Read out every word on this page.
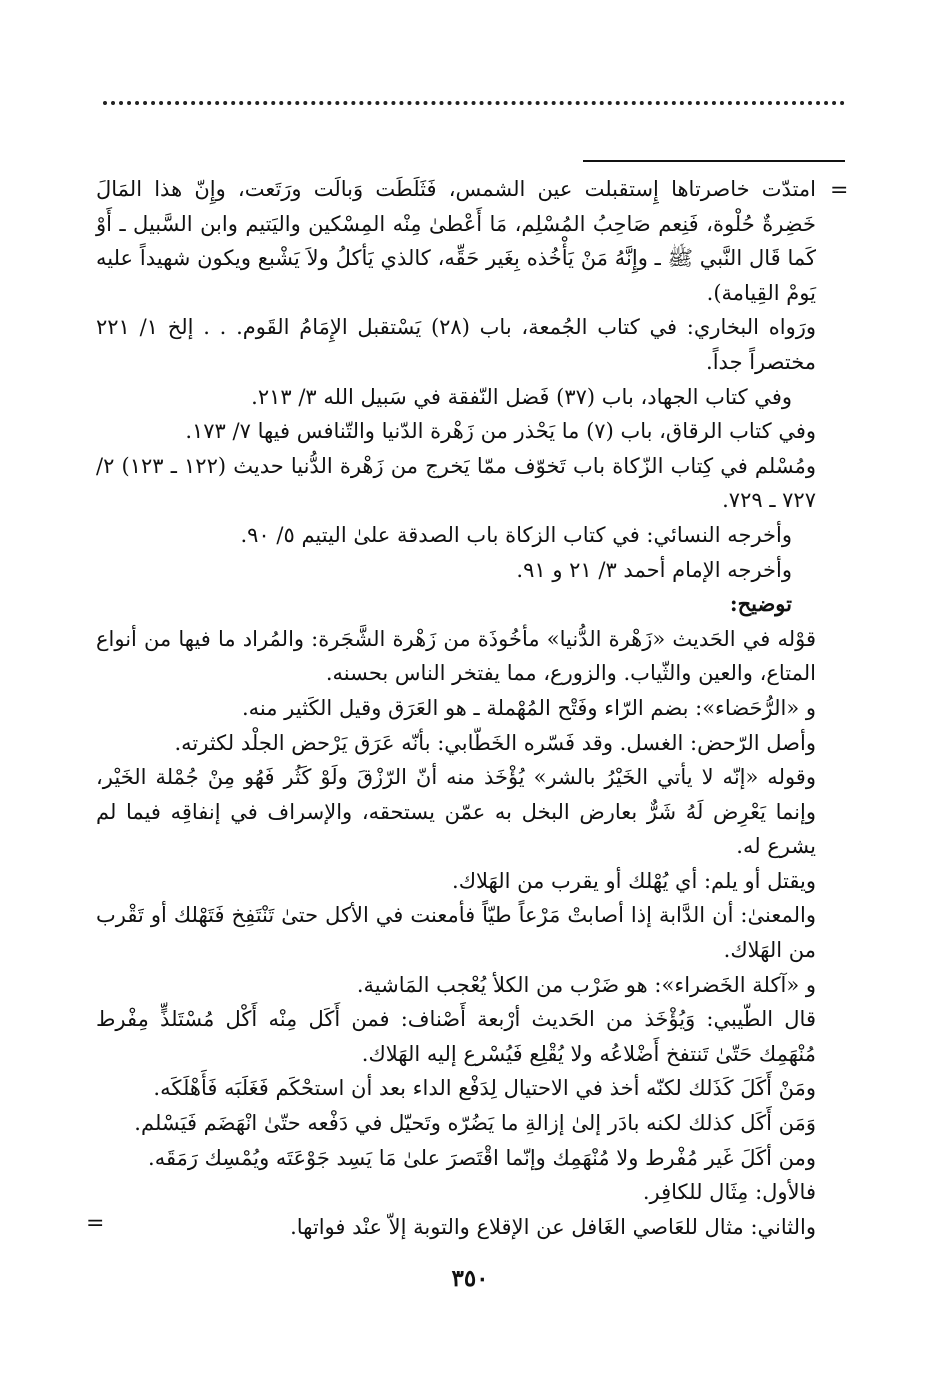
=

امتدّت خاصرتاها إِستقبلت عين الشمس، فَثَلَطَت وَبالَت ورَتَعت، وإِنّ هذا المَالَ خَضِرةٌ حُلْوة، فَنِعم صَاحِبُ المُسْلِم، مَا أَعْطىٰ مِنْه المِسْكين واليَتيم وابن السَّبيل ـ أَوْ كَما قَال النَّبي ﷺ ـ وإِنَّهُ مَنْ يَأْخُذه بِغَير حَقِّه، كالذي يَأكلُ ولاَ يَشْبع ويكون شهيداً عليه يَومْ القِيامة).

ورَواه البخاري: في كتاب الجُمعة، باب (٢٨) يَسْتقبل الإِمَامُ القَوم. . . إلخ ١/ ٢٢١ مختصراً جداً.

وفي كتاب الجهاد، باب (٣٧) فَضل النّفقة في سَبيل الله ٣/ ٢١٣.

وفي كتاب الرقاق، باب (٧) ما يَحْذر من زَهْرة الدّنيا والتّنافس فيها ٧/ ١٧٣.

ومُسْلم في كِتاب الزّكاة باب تَخوّف ممّا يَخرج من زَهْرة الدُّنيا حديث (١٢٢ ـ ١٢٣) ٢/ ٧٢٧ ـ ٧٢٩.

وأخرجه النسائي: في كتاب الزكاة باب الصدقة علىٰ اليتيم ٥/ ٩٠.

وأخرجه الإمام أحمد ٣/ ٢١ و ٩١.

توضيح:

قوْله في الحَديث «زَهْرة الدُّنيا» مأخُوذَة من زَهْرة الشَّجَرة: والمُراد ما فيها من أنواع المتاع، والعين والثّياب. والزورع، مما يفتخر الناس بحسنه.

و «الرُّحَضاء»: بضم الرّاء وفَتْح المُهْملة ـ هو العَرَق وقيل الكَثير منه.

وأصل الرّحض: الغسل. وقد فَسّره الخَطّابي: بأنّه عَرَق يَرْحض الجلْد لكثرته.

وقوله «إنّه لا يأتي الخَيْرُ بالشر» يُؤْخَذ منه أنّ الرّزْقَ ولَوْ كَثُر فَهُو مِنْ جُمْلة الخَيْر، وإنما يَعْرِض لَهُ شَرٌّ بعارض البخل به عمّن يستحقه، والإسراف في إنفاقِه فيما لم يشرع له.

ويقتل أو يلم: أي يُهْلك أو يقرب من الهَلاك.

والمعنىٰ: أن الدَّابة إذا أصابتْ مَرْعاً طيّاً فأمعنت في الأكل حتىٰ تَنْتَفِخ فَتَهْلك أو تَقْرب من الهَلاك.

و «آكلة الخَضراء»: هو ضَرْب من الكلأ يُعْجب المَاشية.

قال الطّيبي: وَيُؤْخَذ من الحَديث أرْبعة أَصْناف: فمن أَكَل مِنْه أَكْل مُسْتَلذٍّ مِفْرط مُنْهَمِك حَتّىٰ تَنتفخ أَضْلاعُه ولا يُقْلِع فَيُسْرع إليه الهَلاك.

ومَنْ أَكَلَ كَذَلك لكنّه أخذ في الاحتيال لِدَفْع الداء بعد أن استحْكَم فَغَلَبَه فَأَهْلَكَه.

وَمَن أَكَل كذلك لكنه بادَر إلىٰ إزالةِ ما يَضُرّه وتَحيّل في دَفْعه حتّىٰ انْهَضَم فَيَسْلم.

ومن أكَلَ غَير مُفْرط ولا مُنْهَمِك وإنّما اقْتَصرَ علىٰ مَا يَسِد جَوْعَتَه ويُمْسِك رَمَقَه.

فالأول: مِثَال للكافِر.

والثاني: مثال للعَاصي الغَافل عن الإقلاع والتوبة إلاّ عنْد فواتها.

=
٣٥٠
